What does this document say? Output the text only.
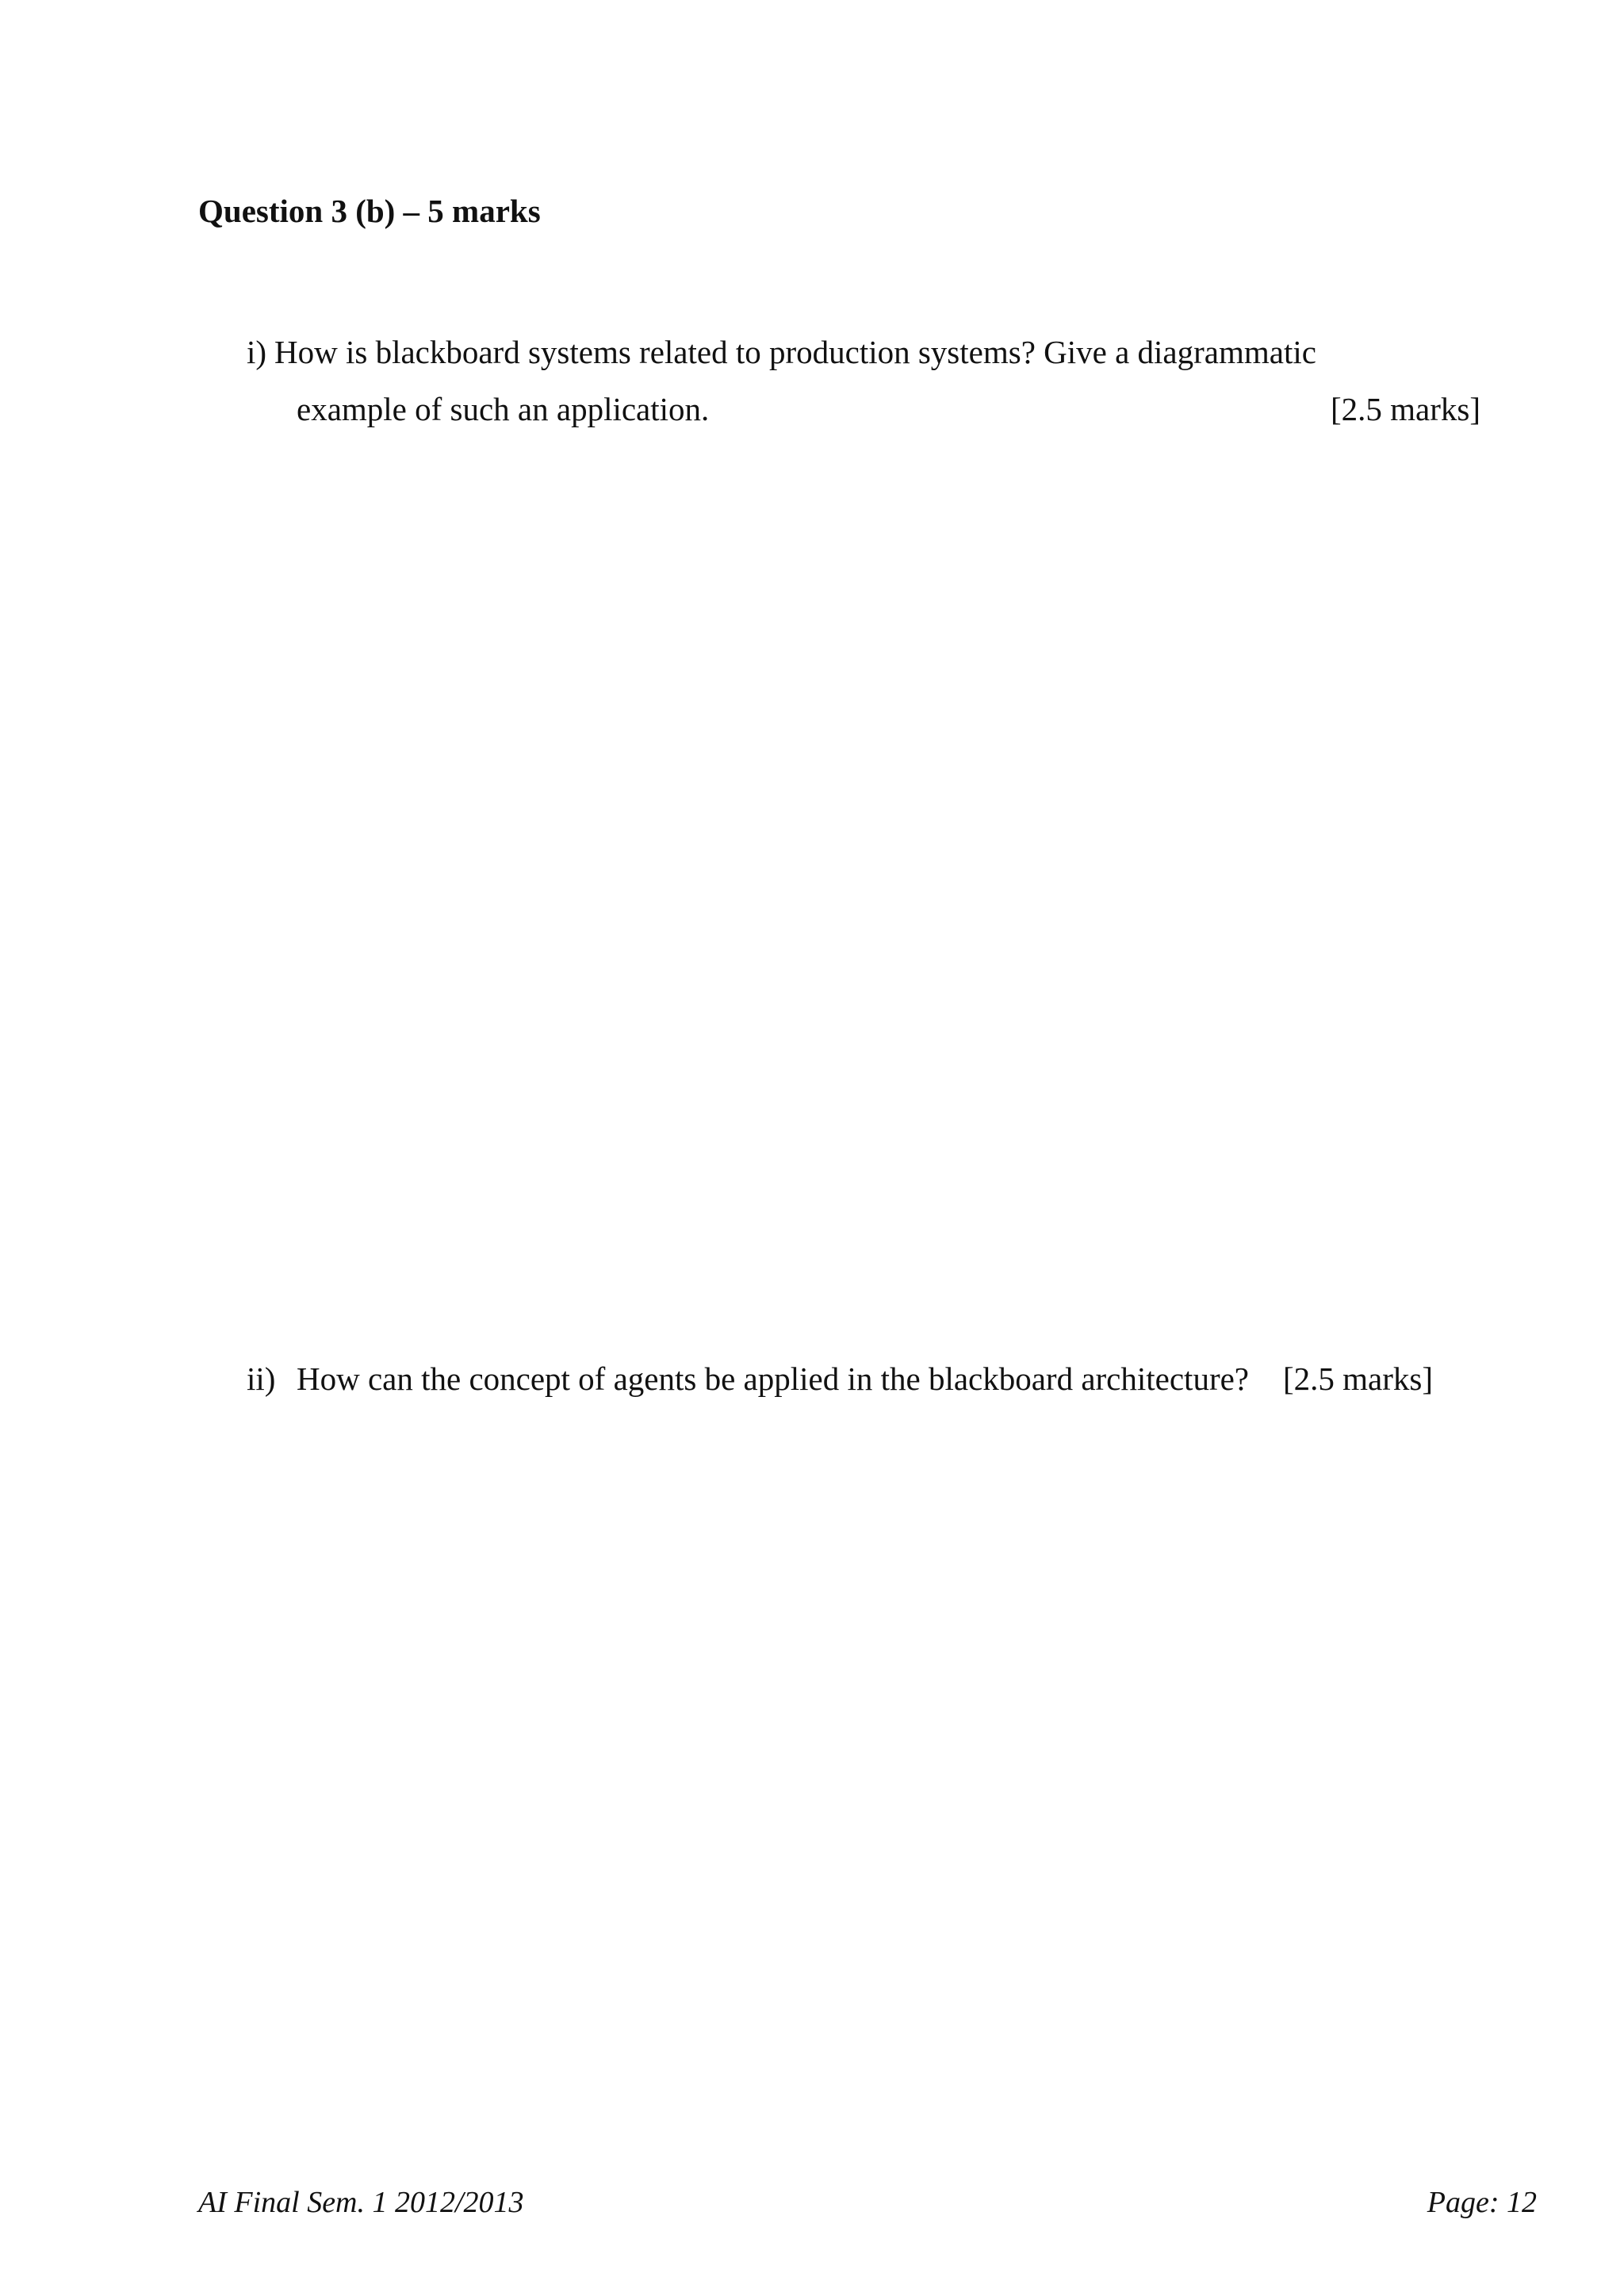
Question 3 (b) – 5 marks
i) How is blackboard systems related to production systems? Give a diagrammatic
example of such an application.	[2.5 marks]
ii) How can the concept of agents be applied in the blackboard architecture? [2.5 marks]
AI Final Sem. 1 2012/2013	Page: 12
